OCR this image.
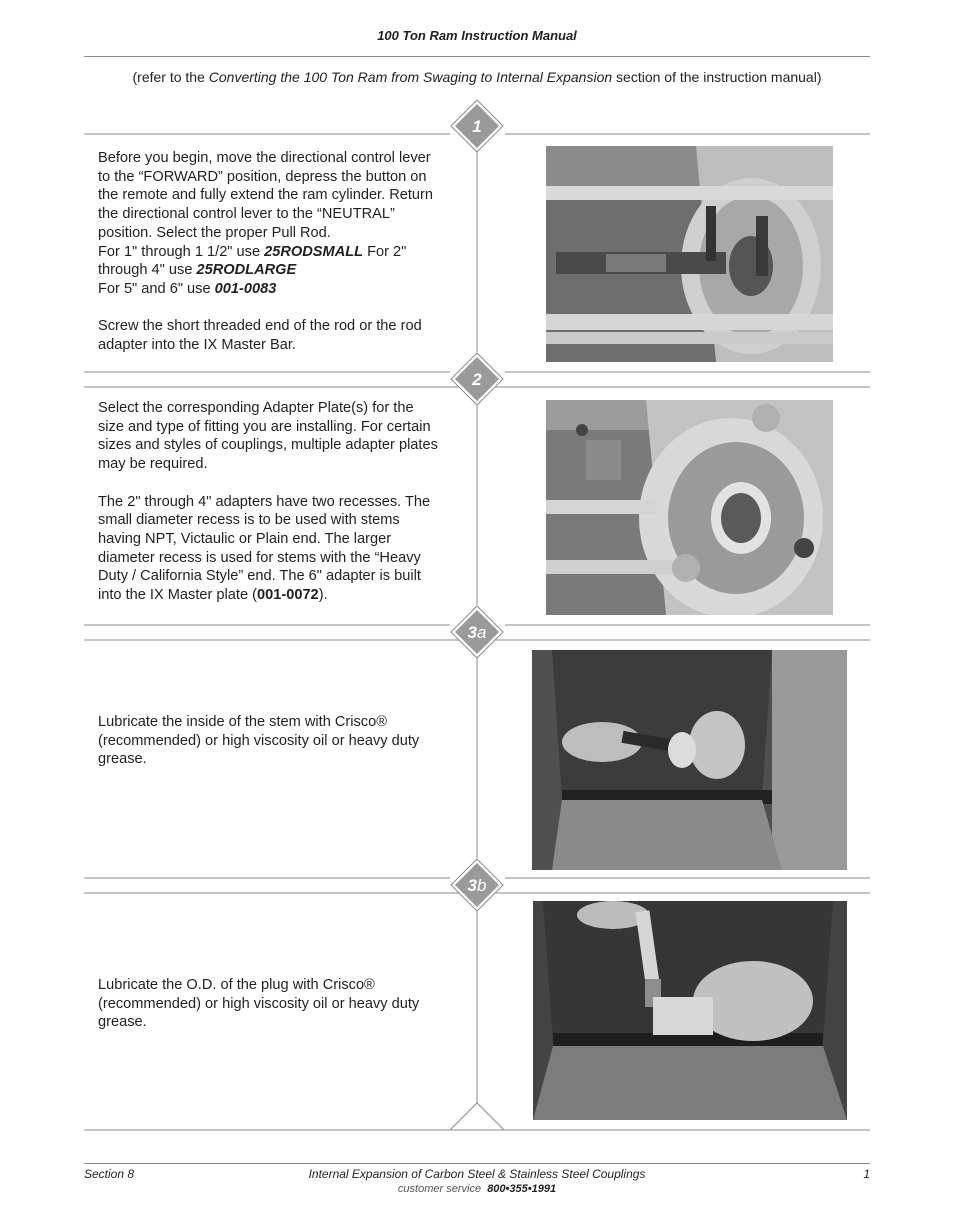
100 Ton Ram Instruction Manual
(refer to the Converting the 100 Ton Ram from Swaging to Internal Expansion section of the instruction manual)
1
2
3a
3b

Before you begin, move the directional control lever

to the “FORWARD” position, depress the button on

the remote and fully extend the ram cylinder. Return

the directional control lever to the “NEUTRAL”

position. Select the proper Pull Rod.

For 1" through 1 1/2" use 25RODSMALL For 2"

through 4" use 25RODLARGE

For 5" and 6" use 001-0083

Screw the short threaded end of the rod or the rod

adapter into the IX Master Bar.

Select the corresponding Adapter Plate(s) for the

size and type of fitting you are installing. For certain

sizes and styles of couplings, multiple adapter plates

may be required.

The 2" through 4" adapters have two recesses. The

small diameter recess is to be used with stems

having NPT, Victaulic or Plain end. The larger

diameter recess is used for stems with the “Heavy

Duty / California Style” end. The 6" adapter is built

into the IX Master plate (001-0072).

Lubricate the inside of the stem with Crisco®

(recommended) or high viscosity oil or heavy duty

grease.

Lubricate the O.D. of the plug with Crisco®

(recommended) or high viscosity oil or heavy duty

grease.

Section 8	Internal Expansion of Carbon Steel & Stainless Steel Couplings	1
customer service 800•355•1991
